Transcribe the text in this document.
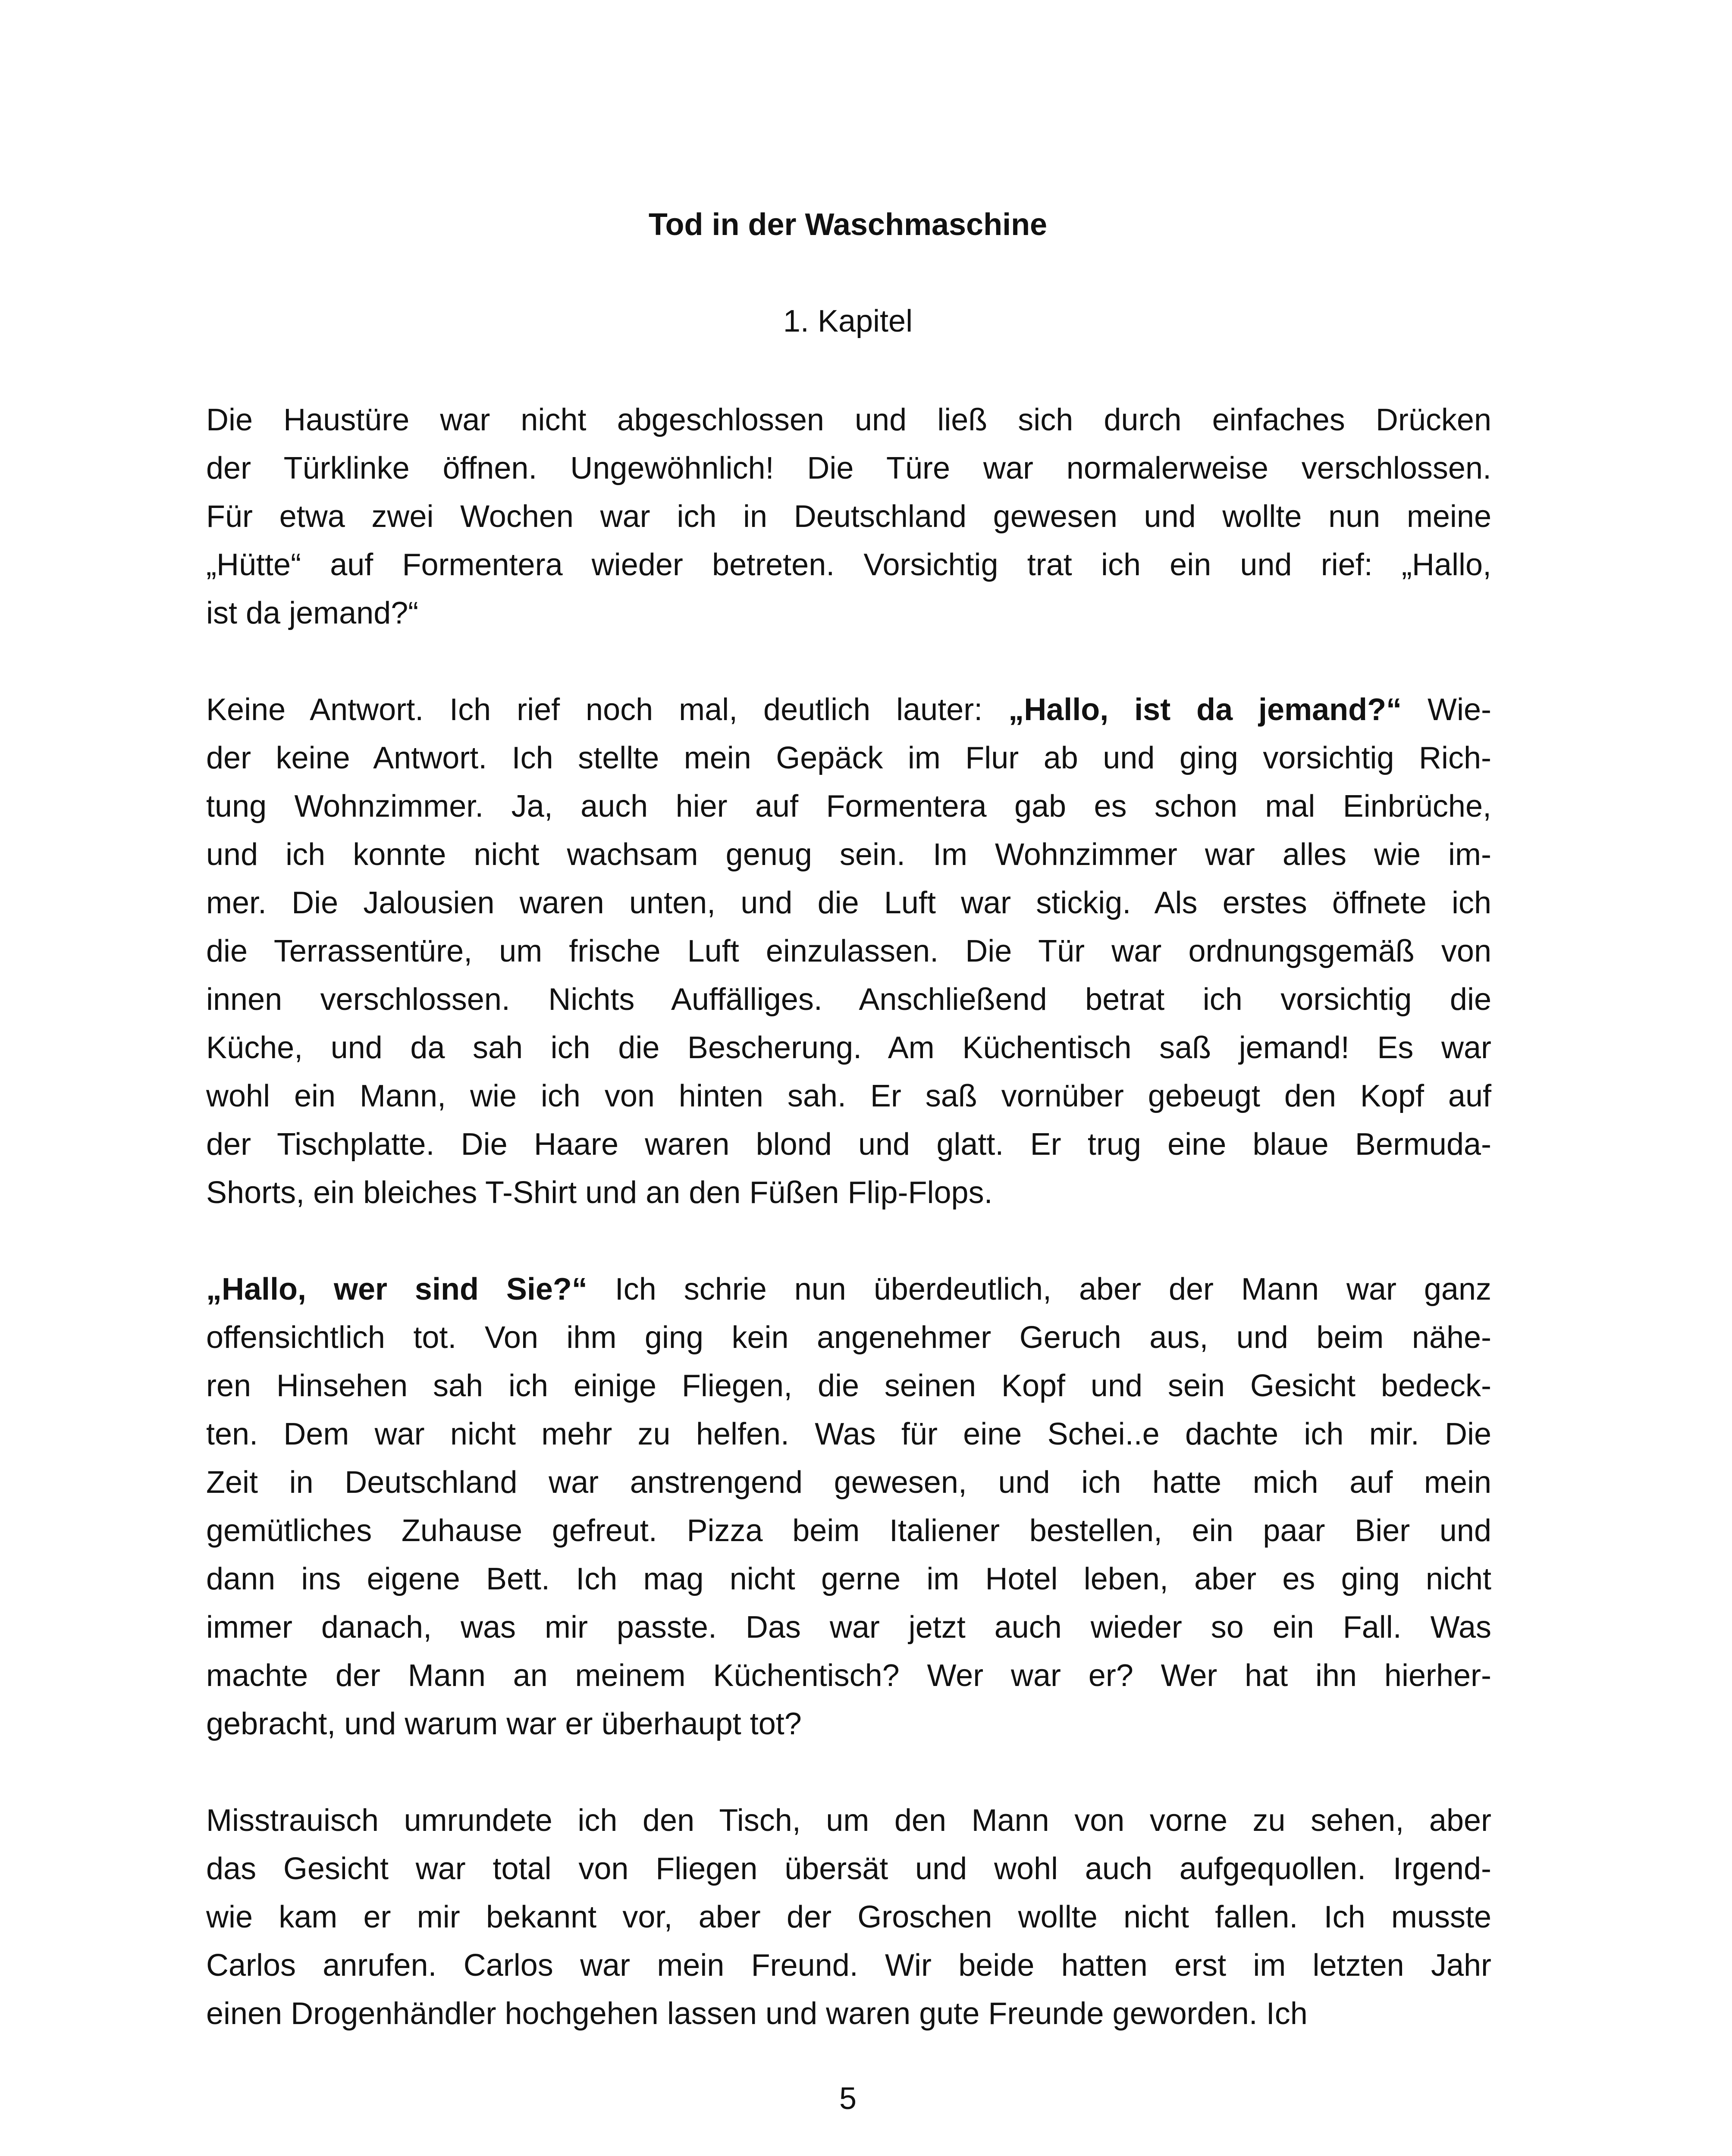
Tod in der Waschmaschine
1. Kapitel
Die Haustüre war nicht abgeschlossen und ließ sich durch einfaches Drücken
der Türklinke öffnen. Ungewöhnlich! Die Türe war normalerweise verschlossen.
Für etwa zwei Wochen war ich in Deutschland gewesen und wollte nun meine
„Hütte“ auf Formentera wieder betreten. Vorsichtig trat ich ein und rief: „Hallo,
ist da jemand?“
Keine Antwort. Ich rief noch mal, deutlich lauter: „Hallo, ist da jemand?“ Wie-
der keine Antwort. Ich stellte mein Gepäck im Flur ab und ging vorsichtig Rich-
tung Wohnzimmer. Ja, auch hier auf Formentera gab es schon mal Einbrüche,
und ich konnte nicht wachsam genug sein. Im Wohnzimmer war alles wie im-
mer. Die Jalousien waren unten, und die Luft war stickig. Als erstes öffnete ich
die Terrassentüre, um frische Luft einzulassen. Die Tür war ordnungsgemäß von
innen verschlossen. Nichts Auffälliges. Anschließend betrat ich vorsichtig die
Küche, und da sah ich die Bescherung. Am Küchentisch saß jemand! Es war
wohl ein Mann, wie ich von hinten sah. Er saß vornüber gebeugt den Kopf auf
der Tischplatte. Die Haare waren blond und glatt. Er trug eine blaue Bermuda-
Shorts, ein bleiches T-Shirt und an den Füßen Flip-Flops.
„Hallo, wer sind Sie?“ Ich schrie nun überdeutlich, aber der Mann war ganz
offensichtlich tot. Von ihm ging kein angenehmer Geruch aus, und beim nähe-
ren Hinsehen sah ich einige Fliegen, die seinen Kopf und sein Gesicht bedeck-
ten. Dem war nicht mehr zu helfen. Was für eine Schei..e dachte ich mir. Die
Zeit in Deutschland war anstrengend gewesen, und ich hatte mich auf mein
gemütliches Zuhause gefreut. Pizza beim Italiener bestellen, ein paar Bier und
dann ins eigene Bett. Ich mag nicht gerne im Hotel leben, aber es ging nicht
immer danach, was mir passte. Das war jetzt auch wieder so ein Fall. Was
machte der Mann an meinem Küchentisch? Wer war er? Wer hat ihn hierher-
gebracht, und warum war er überhaupt tot?
Misstrauisch umrundete ich den Tisch, um den Mann von vorne zu sehen, aber
das Gesicht war total von Fliegen übersät und wohl auch aufgequollen. Irgend-
wie kam er mir bekannt vor, aber der Groschen wollte nicht fallen. Ich musste
Carlos anrufen. Carlos war mein Freund. Wir beide hatten erst im letzten Jahr
einen Drogenhändler hochgehen lassen und waren gute Freunde geworden. Ich
5
